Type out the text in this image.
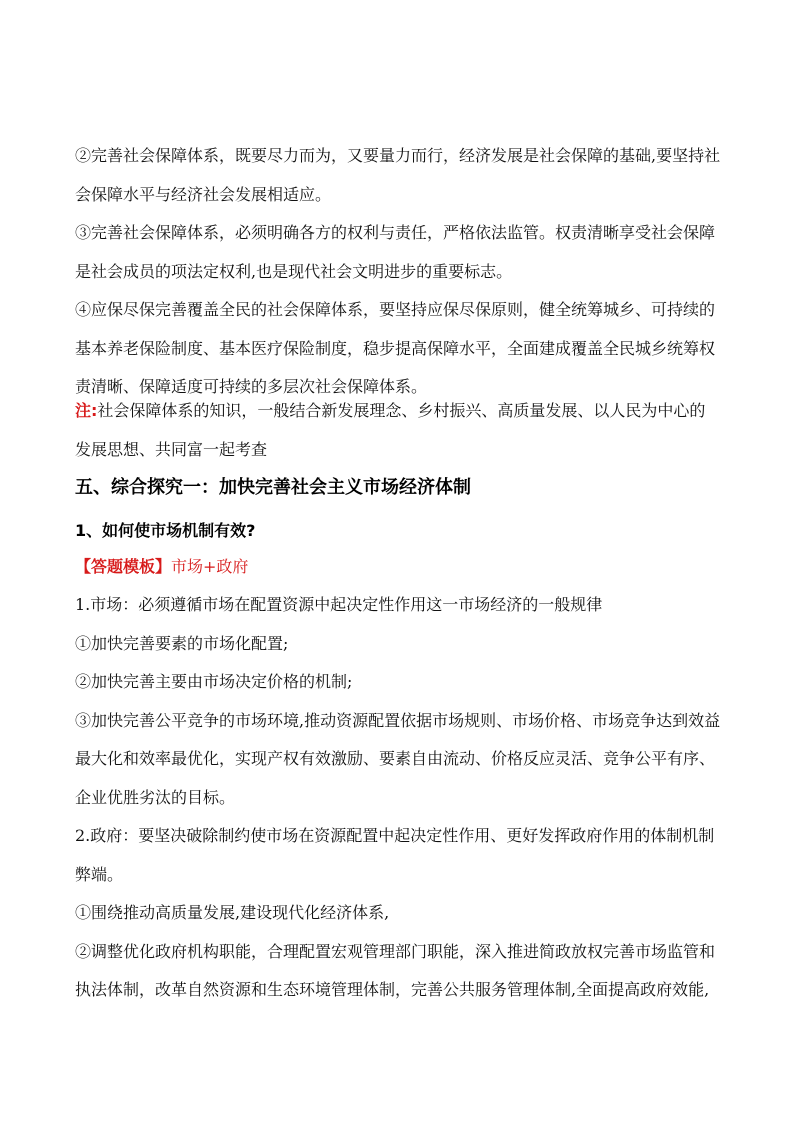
②完善社会保障体系，既要尽力而为，又要量力而行，经济发展是社会保障的基础,要坚持社
会保障水平与经济社会发展相适应。
③完善社会保障体系，必须明确各方的权利与责任，严格依法监管。权责清晰享受社会保障
是社会成员的项法定权利,也是现代社会文明进步的重要标志。
④应保尽保完善覆盖全民的社会保障体系，要坚持应保尽保原则，健全统筹城乡、可持续的
基本养老保险制度、基本医疗保险制度，稳步提高保障水平，全面建成覆盖全民城乡统筹权
责清晰、保障适度可持续的多层次社会保障体系。
注:社会保障体系的知识，一般结合新发展理念、乡村振兴、高质量发展、以人民为中心的
发展思想、共同富一起考查
五、综合探究一：加快完善社会主义市场经济体制
1、如何使市场机制有效?
【答题模板】市场+政府
1.市场：必须遵循市场在配置资源中起决定性作用这一市场经济的一般规律
①加快完善要素的市场化配置;
②加快完善主要由市场决定价格的机制;
③加快完善公平竞争的市场环境,推动资源配置依据市场规则、市场价格、市场竞争达到效益
最大化和效率最优化，实现产权有效激励、要素自由流动、价格反应灵活、竞争公平有序、
企业优胜劣汰的目标。
2.政府：要坚决破除制约使市场在资源配置中起决定性作用、更好发挥政府作用的体制机制
弊端。
①围绕推动高质量发展,建设现代化经济体系,
②调整优化政府机构职能，合理配置宏观管理部门职能，深入推进简政放权完善市场监管和
执法体制，改革自然资源和生态环境管理体制，完善公共服务管理体制,全面提高政府效能,
